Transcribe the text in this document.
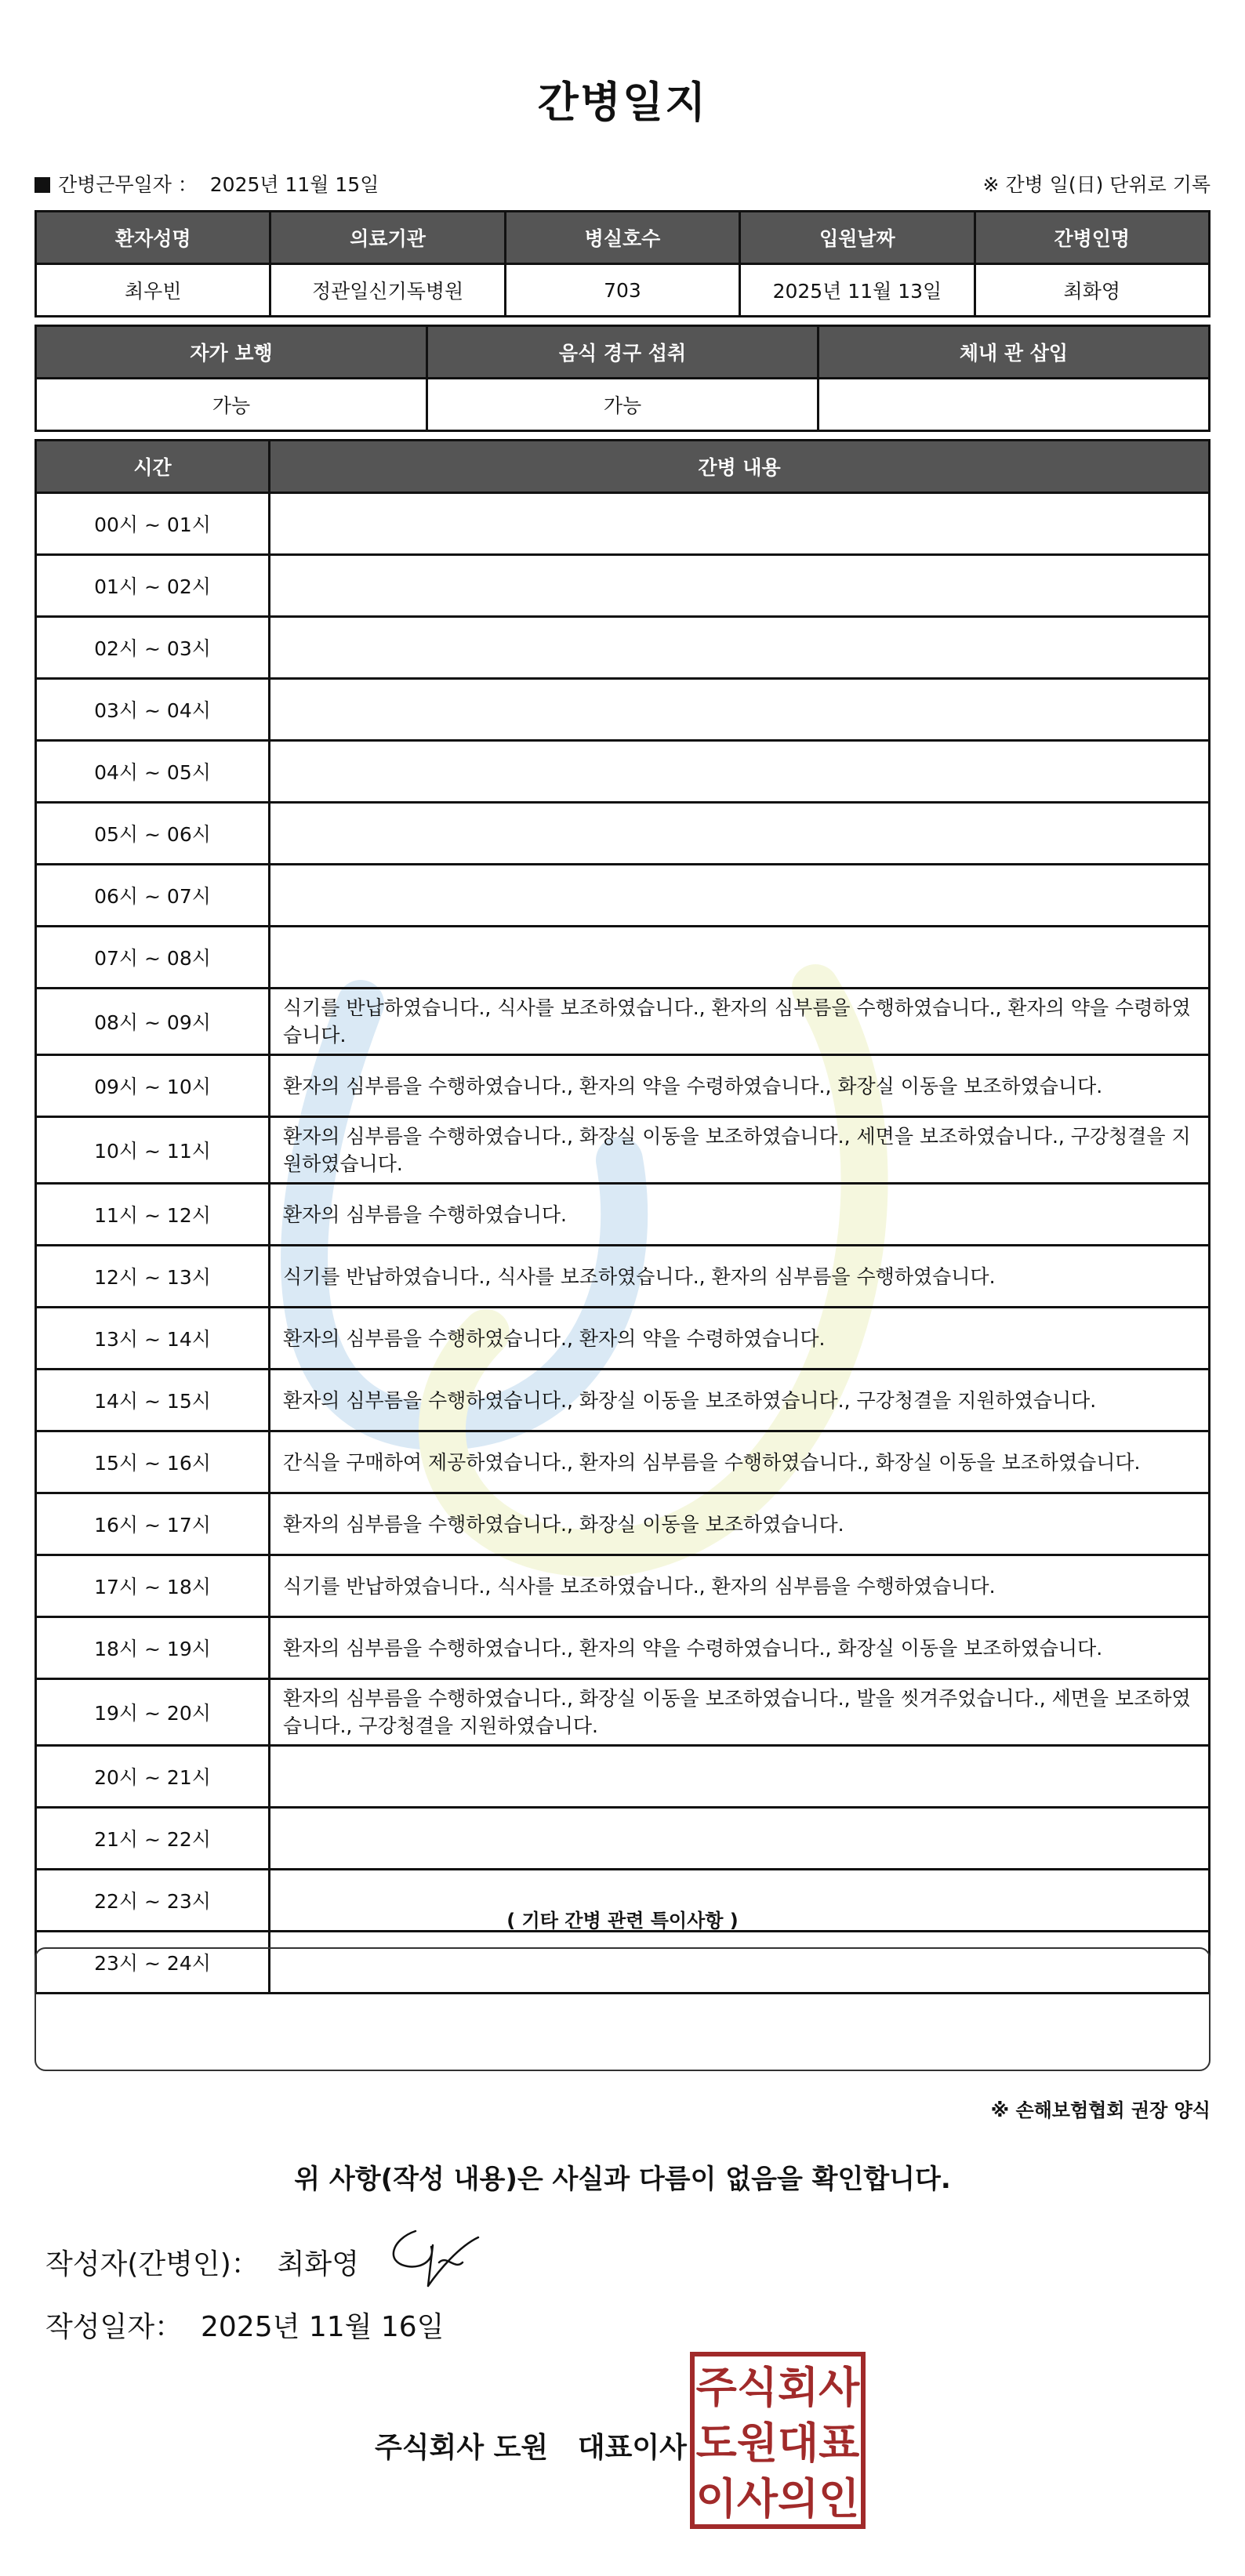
간병일지
간병근무일자 ： 2025년 11월 15일	※ 간병 일(日) 단위로 기록
환자성명	의료기관	병실호수	입원날짜	간병인명
최우빈	정관일신기독병원	703	2025년 11월 13일	최화영
자가 보행	음식 경구 섭취	체내 관 삽입
가능	가능	
시간	간병 내용
00시 ~ 01시	
01시 ~ 02시	
02시 ~ 03시	
03시 ~ 04시	
04시 ~ 05시	
05시 ~ 06시	
06시 ~ 07시	
07시 ~ 08시	
08시 ~ 09시	식기를 반납하였습니다., 식사를 보조하였습니다., 환자의 심부름을 수행하였습니다., 환자의 약을 수령하였습니다.
09시 ~ 10시	환자의 심부름을 수행하였습니다., 환자의 약을 수령하였습니다., 화장실 이동을 보조하였습니다.
10시 ~ 11시	환자의 심부름을 수행하였습니다., 화장실 이동을 보조하였습니다., 세면을 보조하였습니다., 구강청결을 지원하였습니다.
11시 ~ 12시	환자의 심부름을 수행하였습니다.
12시 ~ 13시	식기를 반납하였습니다., 식사를 보조하였습니다., 환자의 심부름을 수행하였습니다.
13시 ~ 14시	환자의 심부름을 수행하였습니다., 환자의 약을 수령하였습니다.
14시 ~ 15시	환자의 심부름을 수행하였습니다., 화장실 이동을 보조하였습니다., 구강청결을 지원하였습니다.
15시 ~ 16시	간식을 구매하여 제공하였습니다., 환자의 심부름을 수행하였습니다., 화장실 이동을 보조하였습니다.
16시 ~ 17시	환자의 심부름을 수행하였습니다., 화장실 이동을 보조하였습니다.
17시 ~ 18시	식기를 반납하였습니다., 식사를 보조하였습니다., 환자의 심부름을 수행하였습니다.
18시 ~ 19시	환자의 심부름을 수행하였습니다., 환자의 약을 수령하였습니다., 화장실 이동을 보조하였습니다.
19시 ~ 20시	환자의 심부름을 수행하였습니다., 화장실 이동을 보조하였습니다., 발을 씻겨주었습니다., 세면을 보조하였습니다., 구강청결을 지원하였습니다.
20시 ~ 21시	
21시 ~ 22시	
22시 ~ 23시	
23시 ~ 24시	
( 기타 간병 관련 특이사항 )
※ 손해보험협회 권장 양식
위 사항(작성 내용)은 사실과 다름이 없음을 확인합니다.
작성자(간병인)： 최화영
작성일자： 2025년 11월 16일
주식회사 도원 대표이사
주식회사
도원대표
이사의인
